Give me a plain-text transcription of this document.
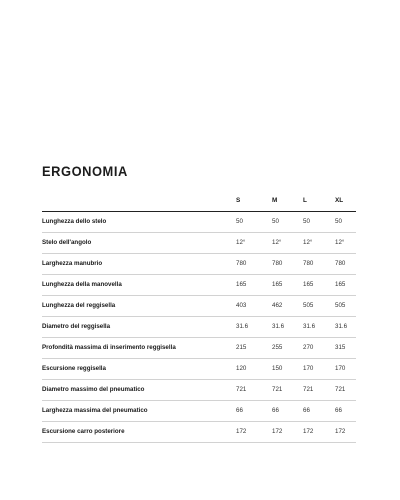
ERGONOMIA
	S	M	L	XL
Lunghezza dello stelo	50	50	50	50
Stelo dell'angolo	12°	12°	12°	12°
Larghezza manubrio	780	780	780	780
Lunghezza della manovella	165	165	165	165
Lunghezza del reggisella	403	462	505	505
Diametro del reggisella	31.6	31.6	31.6	31.6
Profondità massima di inserimento reggisella	215	255	270	315
Escursione reggisella	120	150	170	170
Diametro massimo del pneumatico	721	721	721	721
Larghezza massima del pneumatico	66	66	66	66
Escursione carro posteriore	172	172	172	172
